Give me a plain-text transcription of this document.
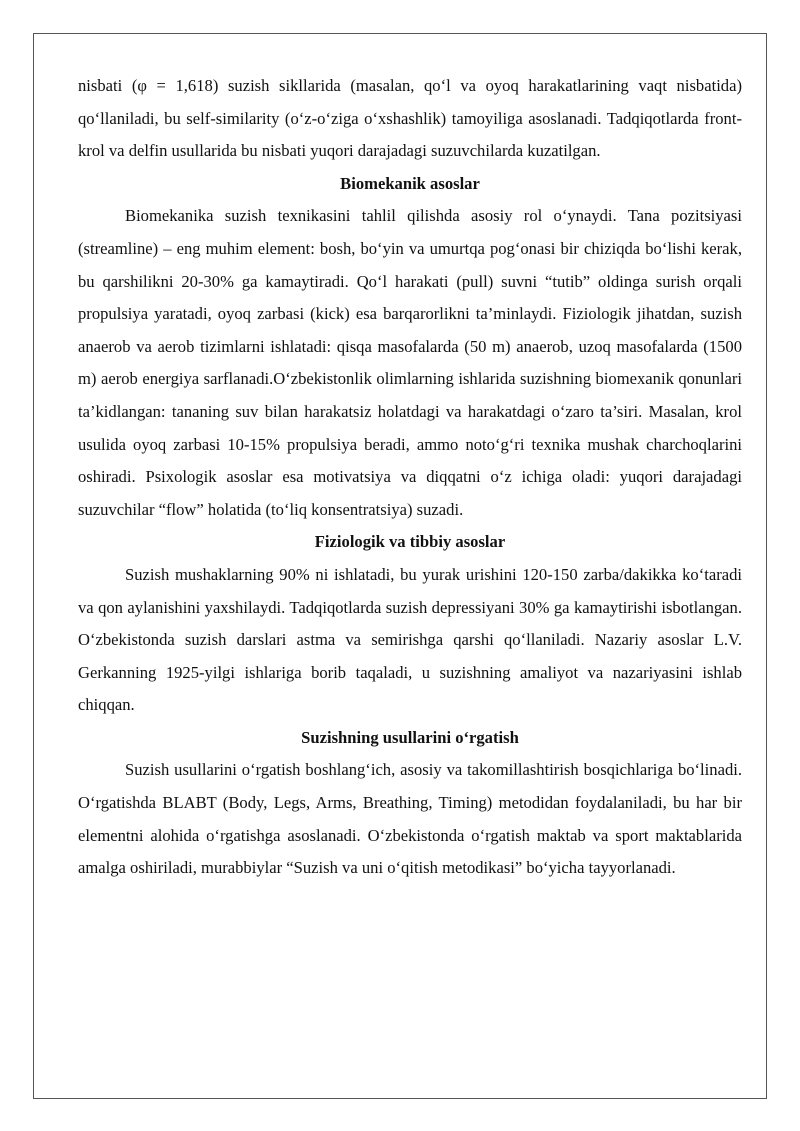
nisbati (φ = 1,618) suzish sikllarida (masalan, qo‘l va oyoq harakatlarining vaqt nisbatida) qo‘llaniladi, bu self-similarity (o‘z-o‘ziga o‘xshashlik) tamoyiliga asoslanadi. Tadqiqotlarda front-krol va delfin usullarida bu nisbati yuqori darajadagi suzuvchilarda kuzatilgan.

Biomekanik asoslar

Biomekanika suzish texnikasini tahlil qilishda asosiy rol o‘ynaydi. Tana pozitsiyasi (streamline) – eng muhim element: bosh, bo‘yin va umurtqa pog‘onasi bir chiziqda bo‘lishi kerak, bu qarshilikni 20-30% ga kamaytiradi. Qo‘l harakati (pull) suvni “tutib” oldinga surish orqali propulsiya yaratadi, oyoq zarbasi (kick) esa barqarorlikni ta’minlaydi. Fiziologik jihatdan, suzish anaerob va aerob tizimlarni ishlatadi: qisqa masofalarda (50 m) anaerob, uzoq masofalarda (1500 m) aerob energiya sarflanadi.O‘zbekistonlik olimlarning ishlarida suzishning biomexanik qonunlari ta’kidlangan: tananing suv bilan harakatsiz holatdagi va harakatdagi o‘zaro ta’siri. Masalan, krol usulida oyoq zarbasi 10-15% propulsiya beradi, ammo noto‘g‘ri texnika mushak charchoqlarini oshiradi. Psixologik asoslar esa motivatsiya va diqqatni o‘z ichiga oladi: yuqori darajadagi suzuvchilar “flow” holatida (to‘liq konsentratsiya) suzadi.

Fiziologik va tibbiy asoslar

Suzish mushaklarning 90% ni ishlatadi, bu yurak urishini 120-150 zarba/dakikka ko‘taradi va qon aylanishini yaxshilaydi. Tadqiqotlarda suzish depressiyani 30% ga kamaytirishi isbotlangan. O‘zbekistonda suzish darslari astma va semirishga qarshi qo‘llaniladi. Nazariy asoslar L.V. Gerkanning 1925-yilgi ishlariga borib taqaladi, u suzishning amaliyot va nazariyasini ishlab chiqqan.

Suzishning usullarini o‘rgatish

Suzish usullarini o‘rgatish boshlang‘ich, asosiy va takomillashtirish bosqichlariga bo‘linadi. O‘rgatishda BLABT (Body, Legs, Arms, Breathing, Timing) metodidan foydalaniladi, bu har bir elementni alohida o‘rgatishga asoslanadi. O‘zbekistonda o‘rgatish maktab va sport maktablarida amalga oshiriladi, murabbiylar “Suzish va uni o‘qitish metodikasi” bo‘yicha tayyorlanadi.
